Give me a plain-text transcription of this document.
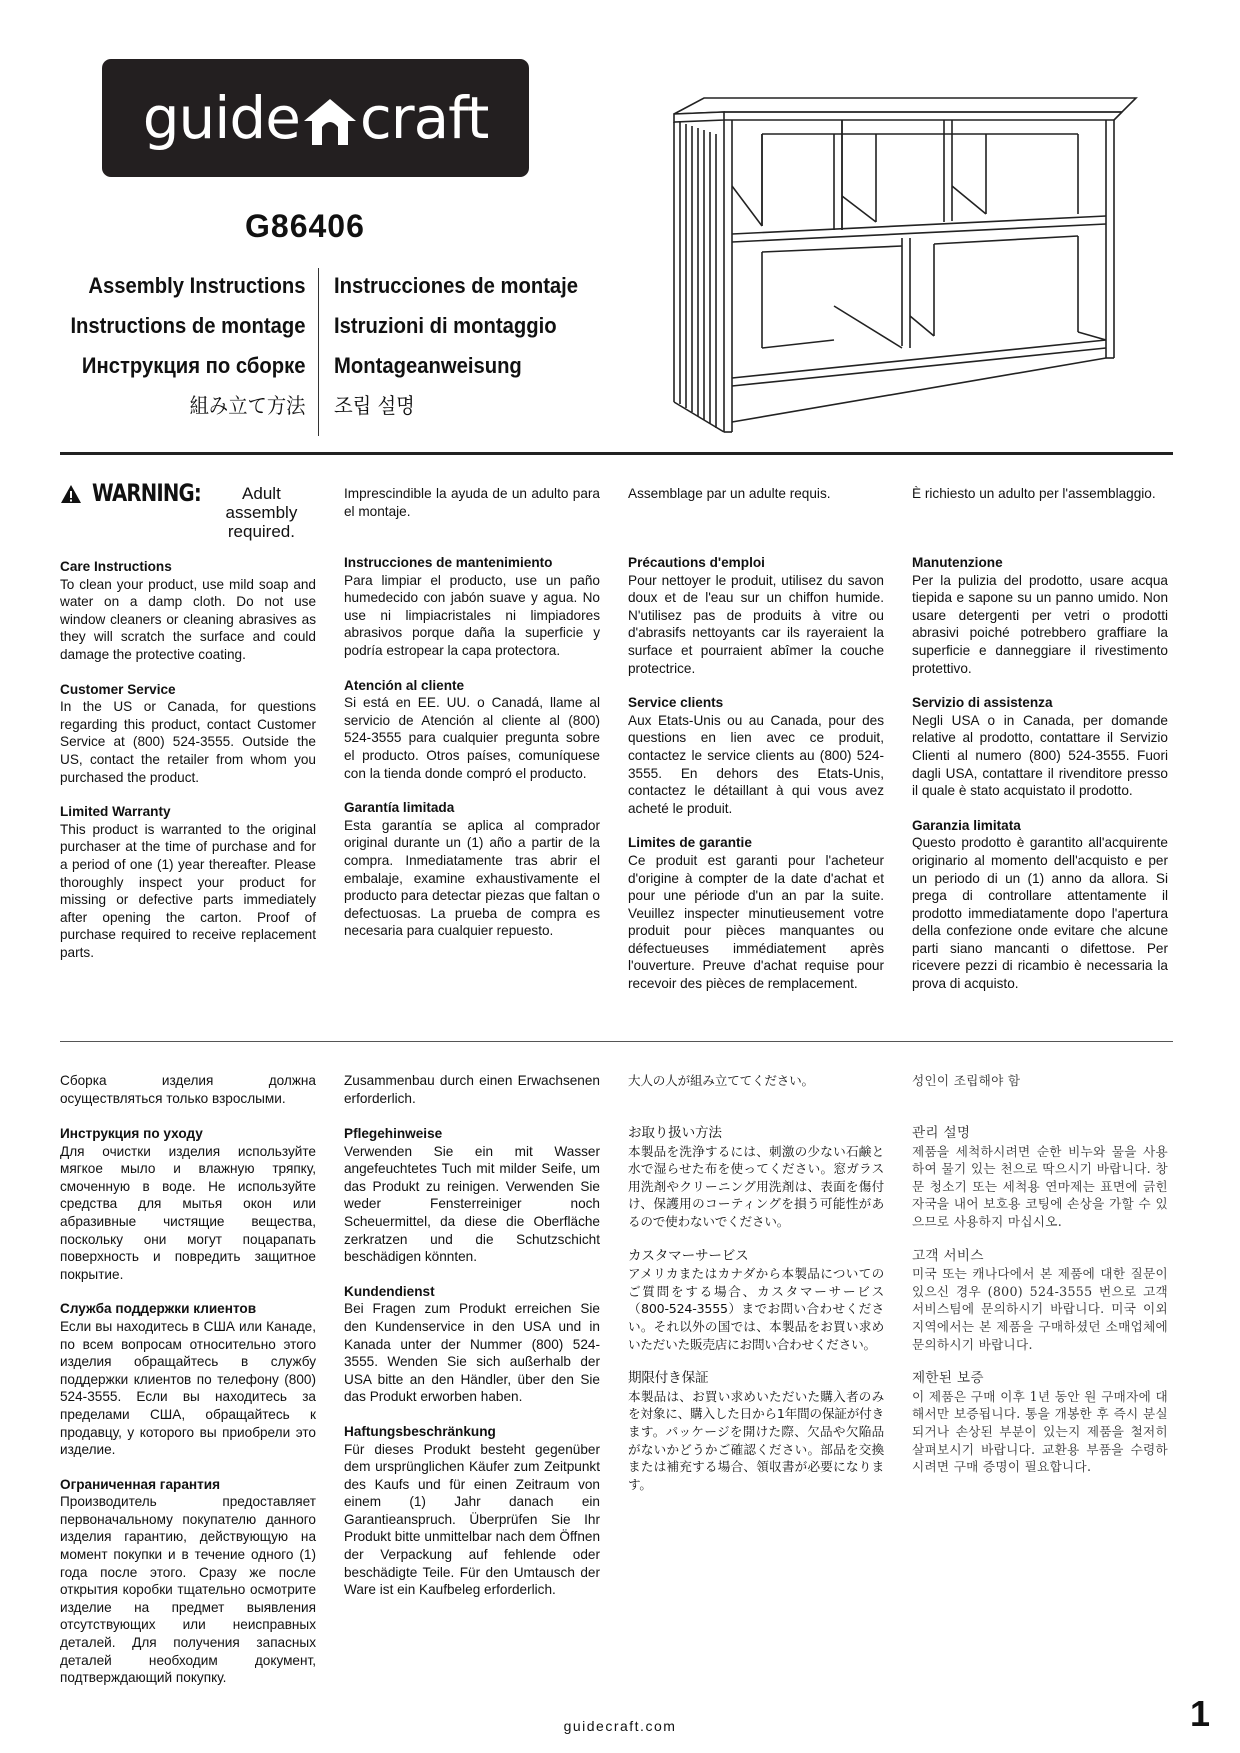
guide craft
G86406
Assembly Instructions
Instructions de montage
Инструкция по сборке
組み立て方法
Instrucciones de montaje
Istruzioni di montaggio
Montageanweisung
조립 설명
WARNING:	Adult assembly required.
Care Instructions

To clean your product, use mild soap and water on a damp cloth. Do not use window cleaners or cleaning abrasives as they will scratch the surface and could damage the protective coating.

Customer Service

In the US or Canada, for questions regarding this product, contact Customer Service at (800) 524-3555. Outside the US, contact the retailer from whom you purchased the product.

Limited Warranty

This product is warranted to the original purchaser at the time of purchase and for a period of one (1) year thereafter. Please thoroughly inspect your product for missing or defective parts immediately after opening the carton. Proof of purchase required to receive replacement parts.

Imprescindible la ayuda de un adulto para el montaje.
Instrucciones de mantenimiento

Para limpiar el producto, use un paño humedecido con jabón suave y agua. No use ni limpiacristales ni limpiadores abrasivos porque daña la superficie y podría estropear la capa protectora.

Atención al cliente

Si está en EE. UU. o Canadá, llame al servicio de Atención al cliente al (800) 524-3555 para cualquier pregunta sobre el producto. Otros países, comuníquese con la tienda donde compró el producto.

Garantía limitada

Esta garantía se aplica al comprador original durante un (1) año a partir de la compra. Inmediatamente tras abrir el embalaje, examine exhaustivamente el producto para detectar piezas que faltan o defectuosas. La prueba de compra es necesaria para cualquier repuesto.

Assemblage par un adulte requis.
Précautions d'emploi

Pour nettoyer le produit, utilisez du savon doux et de l'eau sur un chiffon humide. N'utilisez pas de produits à vitre ou d'abrasifs nettoyants car ils rayeraient la surface et pourraient abîmer la couche protectrice.

Service clients

Aux Etats-Unis ou au Canada, pour des questions en lien avec ce produit, contactez le service clients au (800) 524-3555. En dehors des Etats-Unis, contactez le détaillant à qui vous avez acheté le produit.

Limites de garantie

Ce produit est garanti pour l'acheteur d'origine à compter de la date d'achat et pour une période d'un an par la suite. Veuillez inspecter minutieusement votre produit pour pièces manquantes ou défectueuses immédiatement après l'ouverture. Preuve d'achat requise pour recevoir des pièces de remplacement.

È richiesto un adulto per l'assemblaggio.
Manutenzione

Per la pulizia del prodotto, usare acqua tiepida e sapone su un panno umido. Non usare detergenti per vetri o prodotti abrasivi poiché potrebbero graffiare la superficie e danneggiare il rivestimento protettivo.

Servizio di assistenza

Negli USA o in Canada, per domande relative al prodotto, contattare il Servizio Clienti al numero (800) 524-3555. Fuori dagli USA, contattare il rivenditore presso il quale è stato acquistato il prodotto.

Garanzia limitata

Questo prodotto è garantito all'acquirente originario al momento dell'acquisto e per un periodo di un (1) anno da allora. Si prega di controllare attentamente il prodotto immediatamente dopo l'apertura della confezione onde evitare che alcune parti siano mancanti o difettose. Per ricevere pezzi di ricambio è necessaria la prova di acquisto.

Сборка изделия должна осуществляться только взрослыми.
Инструкция по уходу

Для очистки изделия используйте мягкое мыло и влажную тряпку, смоченную в воде. Не используйте средства для мытья окон или абразивные чистящие вещества, поскольку они могут поцарапать поверхность и повредить защитное покрытие.

Служба поддержки клиентов

Если вы находитесь в США или Канаде, по всем вопросам относительно этого изделия обращайтесь в службу поддержки клиентов по телефону (800) 524-3555. Если вы находитесь за пределами США, обращайтесь к продавцу, у которого вы приобрели это изделие.

Ограниченная гарантия

Производитель предоставляет первоначальному покупателю данного изделия гарантию, действующую на момент покупки и в течение одного (1) года после этого. Сразу же после открытия коробки тщательно осмотрите изделие на предмет выявления отсутствующих или неисправных деталей. Для получения запасных деталей необходим документ, подтверждающий покупку.

Zusammenbau durch einen Erwachsenen erforderlich.
Pflegehinweise

Verwenden Sie ein mit Wasser angefeuchtetes Tuch mit milder Seife, um das Produkt zu reinigen. Verwenden Sie weder Fensterreiniger noch Scheuermittel, da diese die Oberfläche zerkratzen und die Schutzschicht beschädigen könnten.

Kundendienst

Bei Fragen zum Produkt erreichen Sie den Kundenservice in den USA und in Kanada unter der Nummer (800) 524-3555. Wenden Sie sich außerhalb der USA bitte an den Händler, über den Sie das Produkt erworben haben.

Haftungsbeschränkung

Für dieses Produkt besteht gegenüber dem ursprünglichen Käufer zum Zeitpunkt des Kaufs und für einen Zeitraum von einem (1) Jahr danach ein Garantieanspruch. Überprüfen Sie Ihr Produkt bitte unmittelbar nach dem Öffnen der Verpackung auf fehlende oder beschädigte Teile. Für den Umtausch der Ware ist ein Kaufbeleg erforderlich.

大人の人が組み立ててください。
お取り扱い方法

本製品を洗浄するには、刺激の少ない石鹸と水で湿らせた布を使ってください。窓ガラス用洗剤やクリーニング用洗剤は、表面を傷付け、保護用のコーティングを損う可能性があるので使わないでください。

カスタマーサービス

アメリカまたはカナダから本製品についてのご質問をする場合、カスタマーサービス（800-524-3555）までお問い合わせください。それ以外の国では、本製品をお買い求めいただいた販売店にお問い合わせください。

期限付き保証

本製品は、お買い求めいただいた購入者のみを対象に、購入した日から1年間の保証が付きます。パッケージを開けた際、欠品や欠陥品がないかどうかご確認ください。部品を交換または補充する場合、領収書が必要になります。

성인이 조립해야 함
관리 설명

제품을 세척하시려면 순한 비누와 물을 사용하여 물기 있는 천으로 딱으시기 바랍니다. 창문 청소기 또는 세척용 연마제는 표면에 긁힌 자국을 내어 보호용 코팅에 손상을 가할 수 있으므로 사용하지 마십시오.

고객 서비스

미국 또는 캐나다에서 본 제품에 대한 질문이 있으신 경우 (800) 524-3555 번으로 고객 서비스팀에 문의하시기 바랍니다. 미국 이외 지역에서는 본 제품을 구매하셨던 소매업체에 문의하시기 바랍니다.

제한된 보증

이 제품은 구매 이후 1년 동안 원 구매자에 대해서만 보증됩니다. 통을 개봉한 후 즉시 분실되거나 손상된 부분이 있는지 제품을 철저히 살펴보시기 바랍니다. 교환용 부품을 수령하시려면 구매 증명이 필요합니다.

guidecraft.com	1
